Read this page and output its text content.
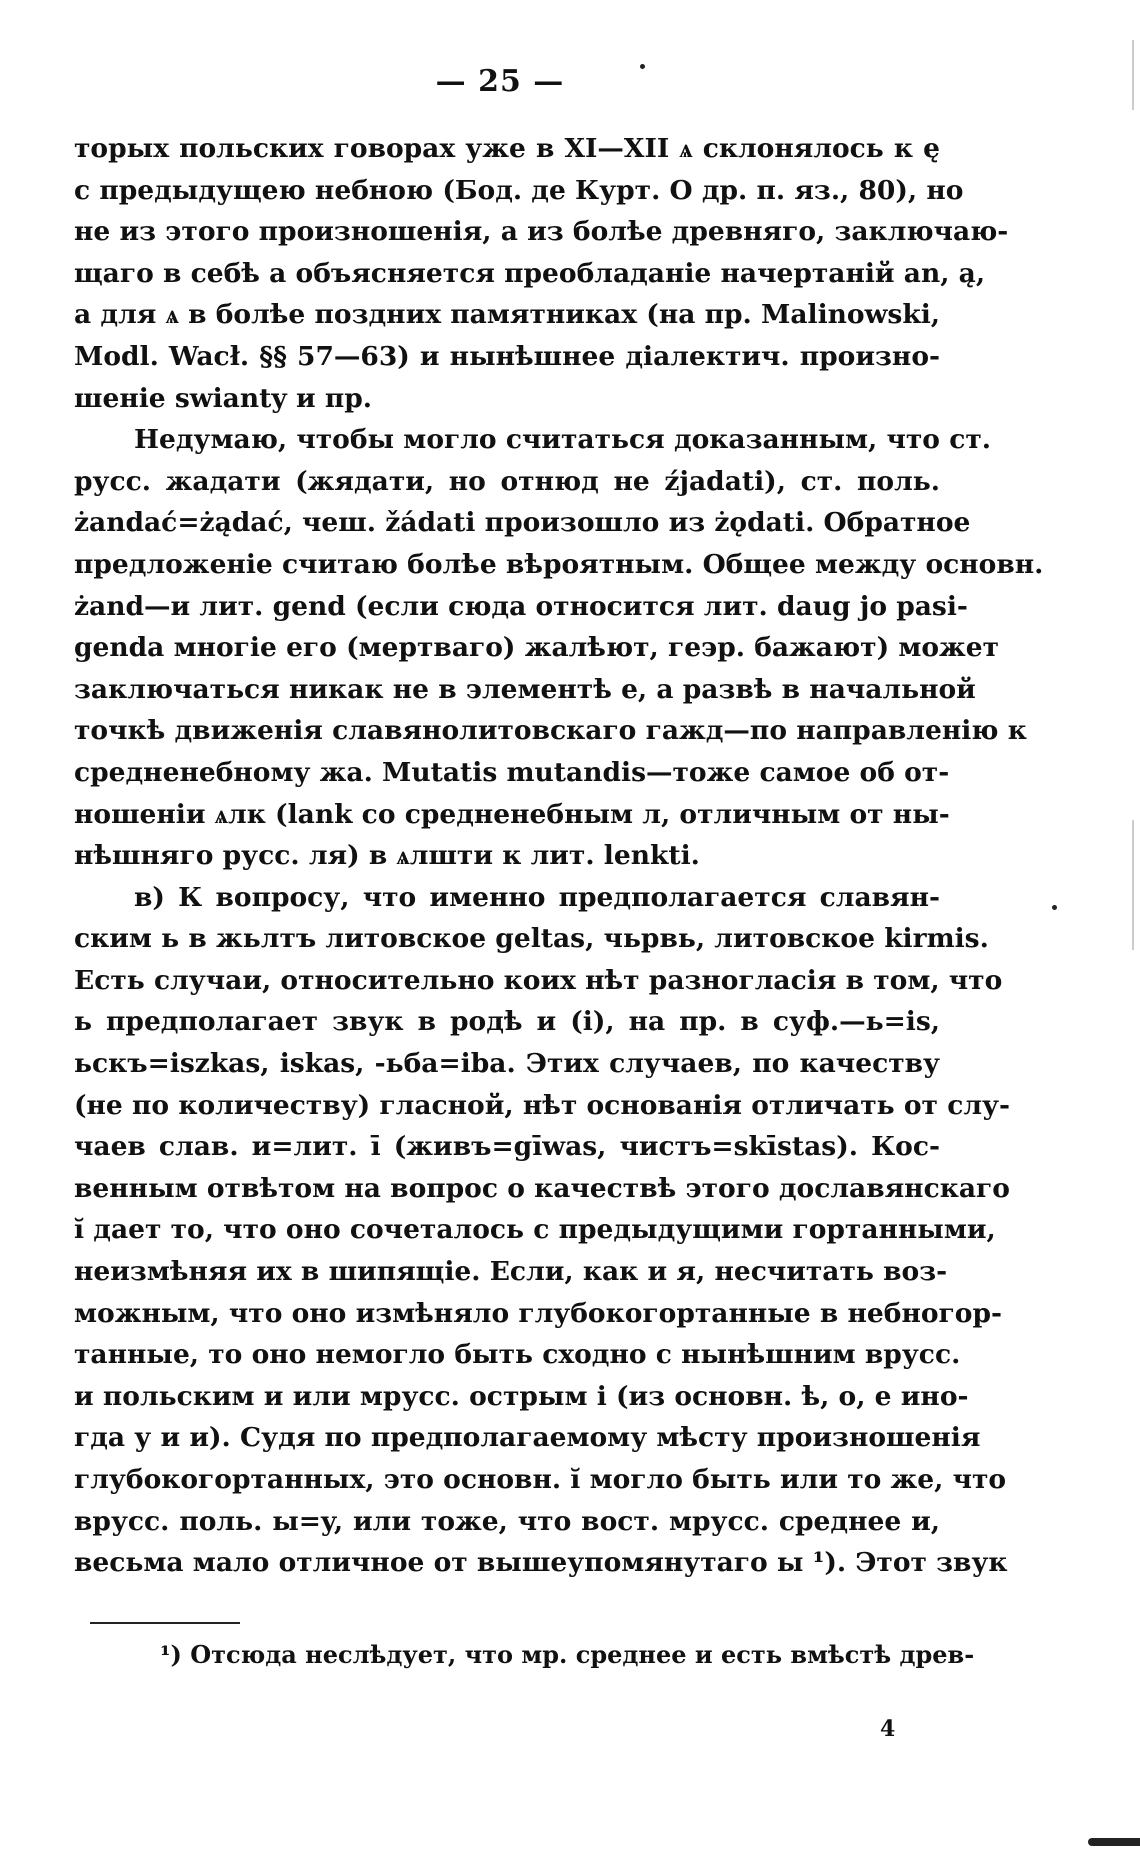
— 25 —
торых польских говорах уже в XI—XII ѧ склонялось к ę
с предыдущею небною (Бод. де Курт. О др. п. яз., 80), но
не из этого произношенія, а из болѣе древняго, заключаю-
щаго в себѣ a объясняется преобладаніе начертаній an, ą,
a для ѧ в болѣе поздних памятниках (на пр. Malinowski,
Modl. Wacł. §§ 57—63) и нынѣшнее діалектич. произно-
шеніе swianty и пр.
Недумаю, чтобы могло считаться доказанным, что ст.
русс. жадати (жядати, но отнюд не źjadati), ст. поль.
żandać=żądać, чеш. žádati произошло из żǫdati. Обратное
предложеніе считаю болѣе вѣроятным. Общее между основн.
żand—и лит. gend (если сюда относится лит. daug jo pasi-
genda многіе его (мертваго) жалѣют, геэр. бажают) может
заключаться никак не в элементѣ e, а развѣ в начальной
точкѣ движенія славянолитовскаго гажд—по направленію к
средненебному жа. Mutatis mutandis—тоже самое об от-
ношеніи ѧлк (lank со средненебным л, отличным от ны-
нѣшняго русс. ля) в ѧлшти к лит. lenkti.
в) К вопросу, что именно предполагается славян-
ским ь в жьлтъ литовское geltas, чьрвь, литовское kirmis.
Есть случаи, относительно коих нѣт разногласія в том, что
ь предполагает звук в родѣ и (i), на пр. в суф.—ь=is,
ьскъ=iszkas, iskas, -ьба=iba. Этих случаев, по качеству
(не по количеству) гласной, нѣт основанія отличать от слу-
чаев слав. и=лит. ī (живъ=gīwas, чистъ=skīstas). Кос-
венным отвѣтом на вопрос о качествѣ этого дославянскаго
ĭ дает то, что оно сочеталось с предыдущими гортанными,
неизмѣняя их в шипящіе. Если, как и я, несчитать воз-
можным, что оно измѣняло глубокогортанные в небногор-
танные, то оно немогло быть сходно с нынѣшним врусс.
и польским и или мрусс. острым і (из основн. ѣ, о, е ино-
гда у и и). Судя по предполагаемому мѣсту произношенія
глубокогортанных, это основн. ĭ могло быть или то же, что
врусс. поль. ы=y, или тоже, что вост. мрусс. среднее и,
весьма мало отличное от вышеупомянутаго ы ¹). Этот звук
¹) Отсюда неслѣдует, что мр. среднее и есть вмѣстѣ древ-
4
